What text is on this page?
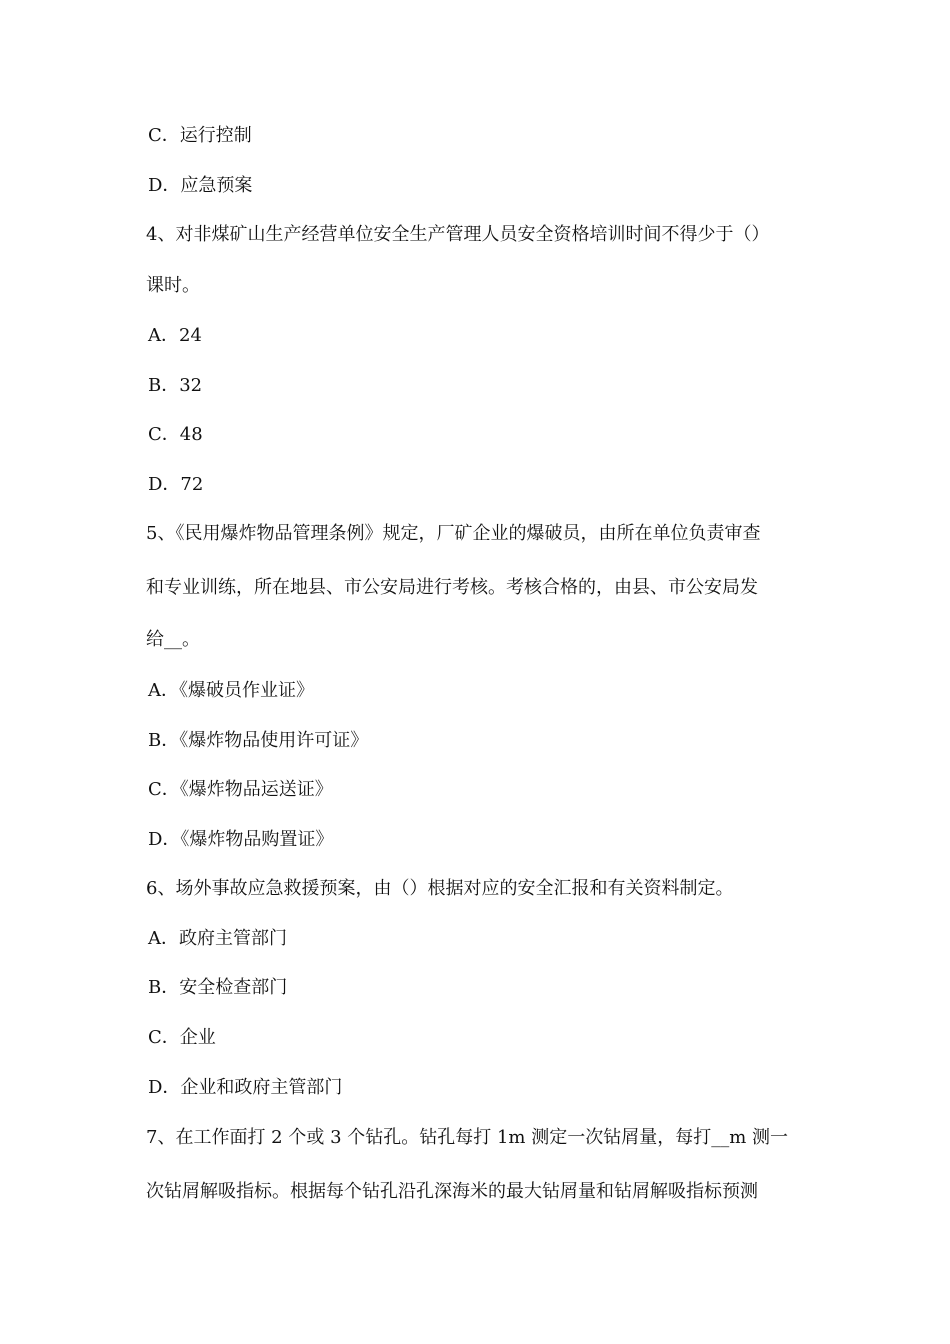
C．运行控制
D．应急预案
4、对非煤矿山生产经营单位安全生产管理人员安全资格培训时间不得少于（）
课时。
A．24
B．32
C．48
D．72
5、《民用爆炸物品管理条例》规定，厂矿企业的爆破员，由所在单位负责审查
和专业训练，所在地县、市公安局进行考核。考核合格的，由县、市公安局发
给__。
A．《爆破员作业证》
B．《爆炸物品使用许可证》
C．《爆炸物品运送证》
D．《爆炸物品购置证》
6、场外事故应急救援预案，由（）根据对应的安全汇报和有关资料制定。
A．政府主管部门
B．安全检查部门
C．企业
D．企业和政府主管部门
7、在工作面打 2 个或 3 个钻孔。钻孔每打 1m 测定一次钻屑量，每打__m 测一
次钻屑解吸指标。根据每个钻孔沿孔深海米的最大钻屑量和钻屑解吸指标预测
